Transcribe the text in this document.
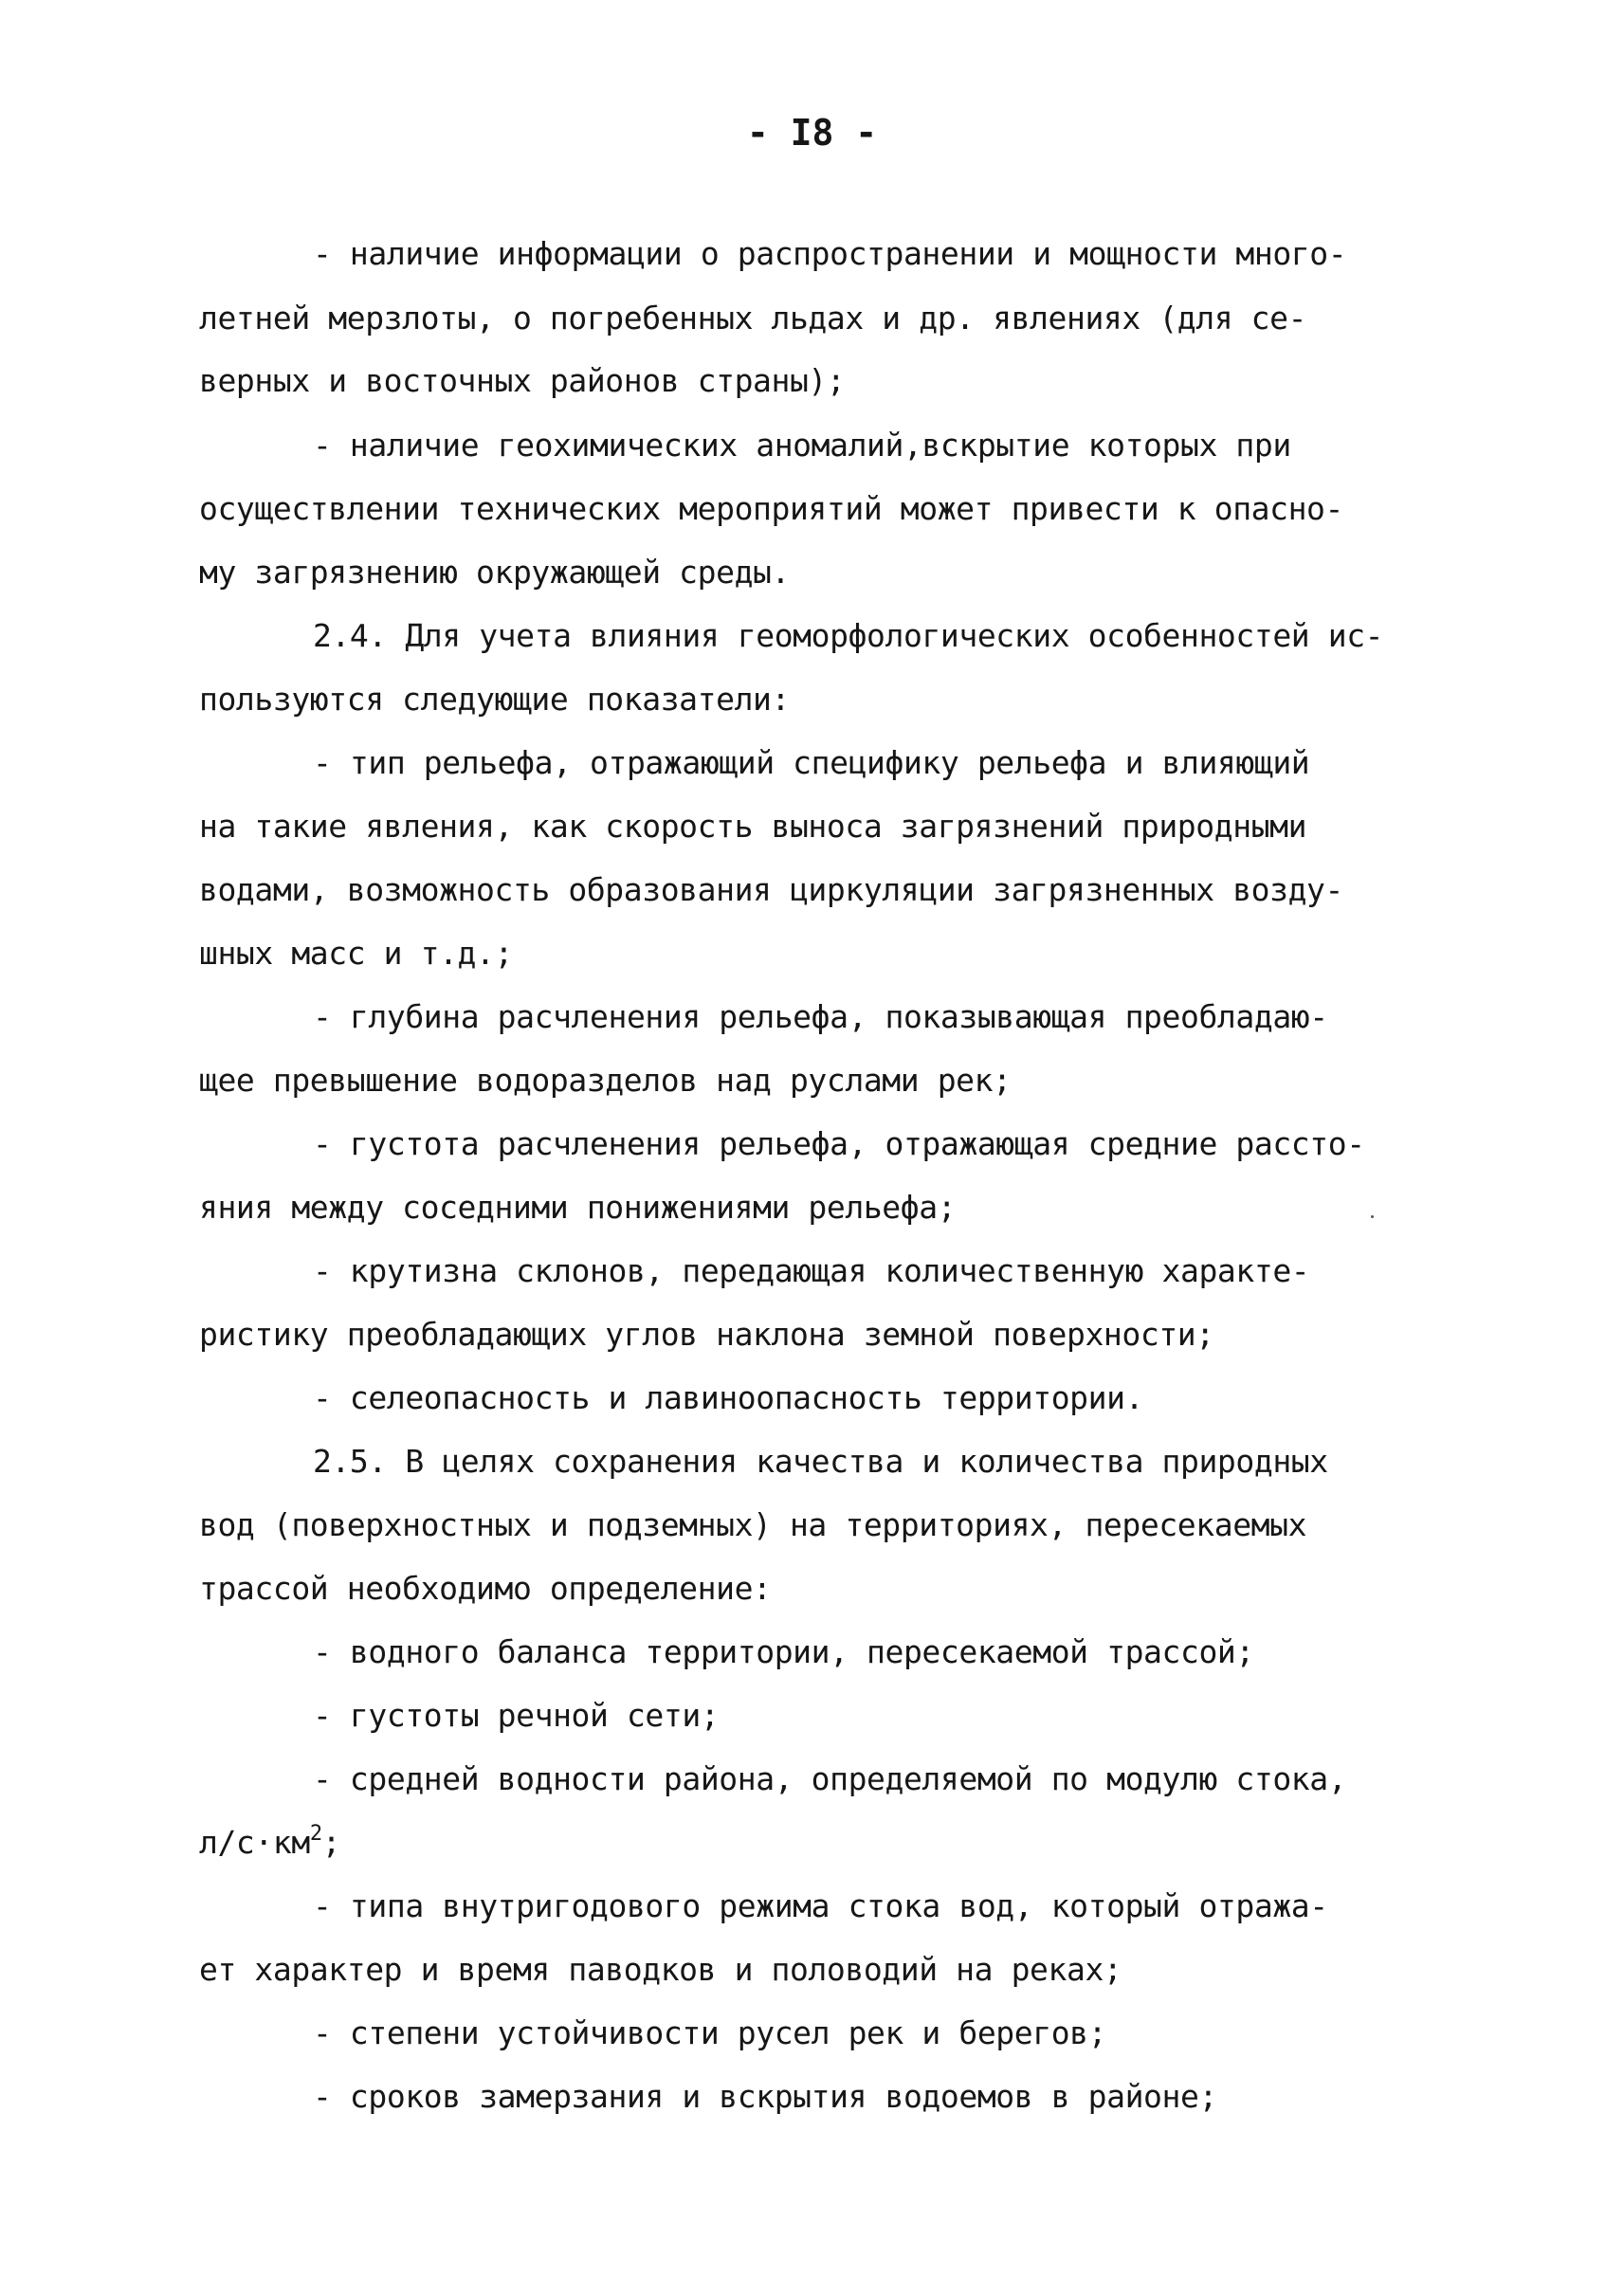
- I8 -
- наличие информации о распространении и мощности много-
летней мерзлоты, о погребенных льдах и др. явлениях (для се-
верных и восточных районов страны);
- наличие геохимических аномалий,вскрытие которых при
осуществлении технических мероприятий может привести к опасно-
му загрязнению окружающей среды.
2.4. Для учета влияния геоморфологических особенностей ис-
пользуются следующие показатели:
- тип рельефа, отражающий специфику рельефа и влияющий
на такие явления, как скорость выноса загрязнений природными
водами, возможность образования циркуляции загрязненных возду-
шных масс и т.д.;
- глубина расчленения рельефа, показывающая преобладаю-
щее превышение водоразделов над руслами рек;
- густота расчленения рельефа, отражающая средние рассто-
яния между соседними понижениями рельефа;
- крутизна склонов, передающая количественную характе-
ристику преобладающих углов наклона земной поверхности;
- селеопасность и лавиноопасность территории.
2.5. В целях сохранения качества и количества природных
вод (поверхностных и подземных) на территориях, пересекаемых
трассой необходимо определение:
- водного баланса территории, пересекаемой трассой;
- густоты речной сети;
- средней водности района, определяемой по модулю стока,
$л/с\cdot км^2$;
- типа внутригодового режима стока вод, который отража-
ет характер и время паводков и половодий на реках;
- степени устойчивости русел рек и берегов;
- сроков замерзания и вскрытия водоемов в районе;
